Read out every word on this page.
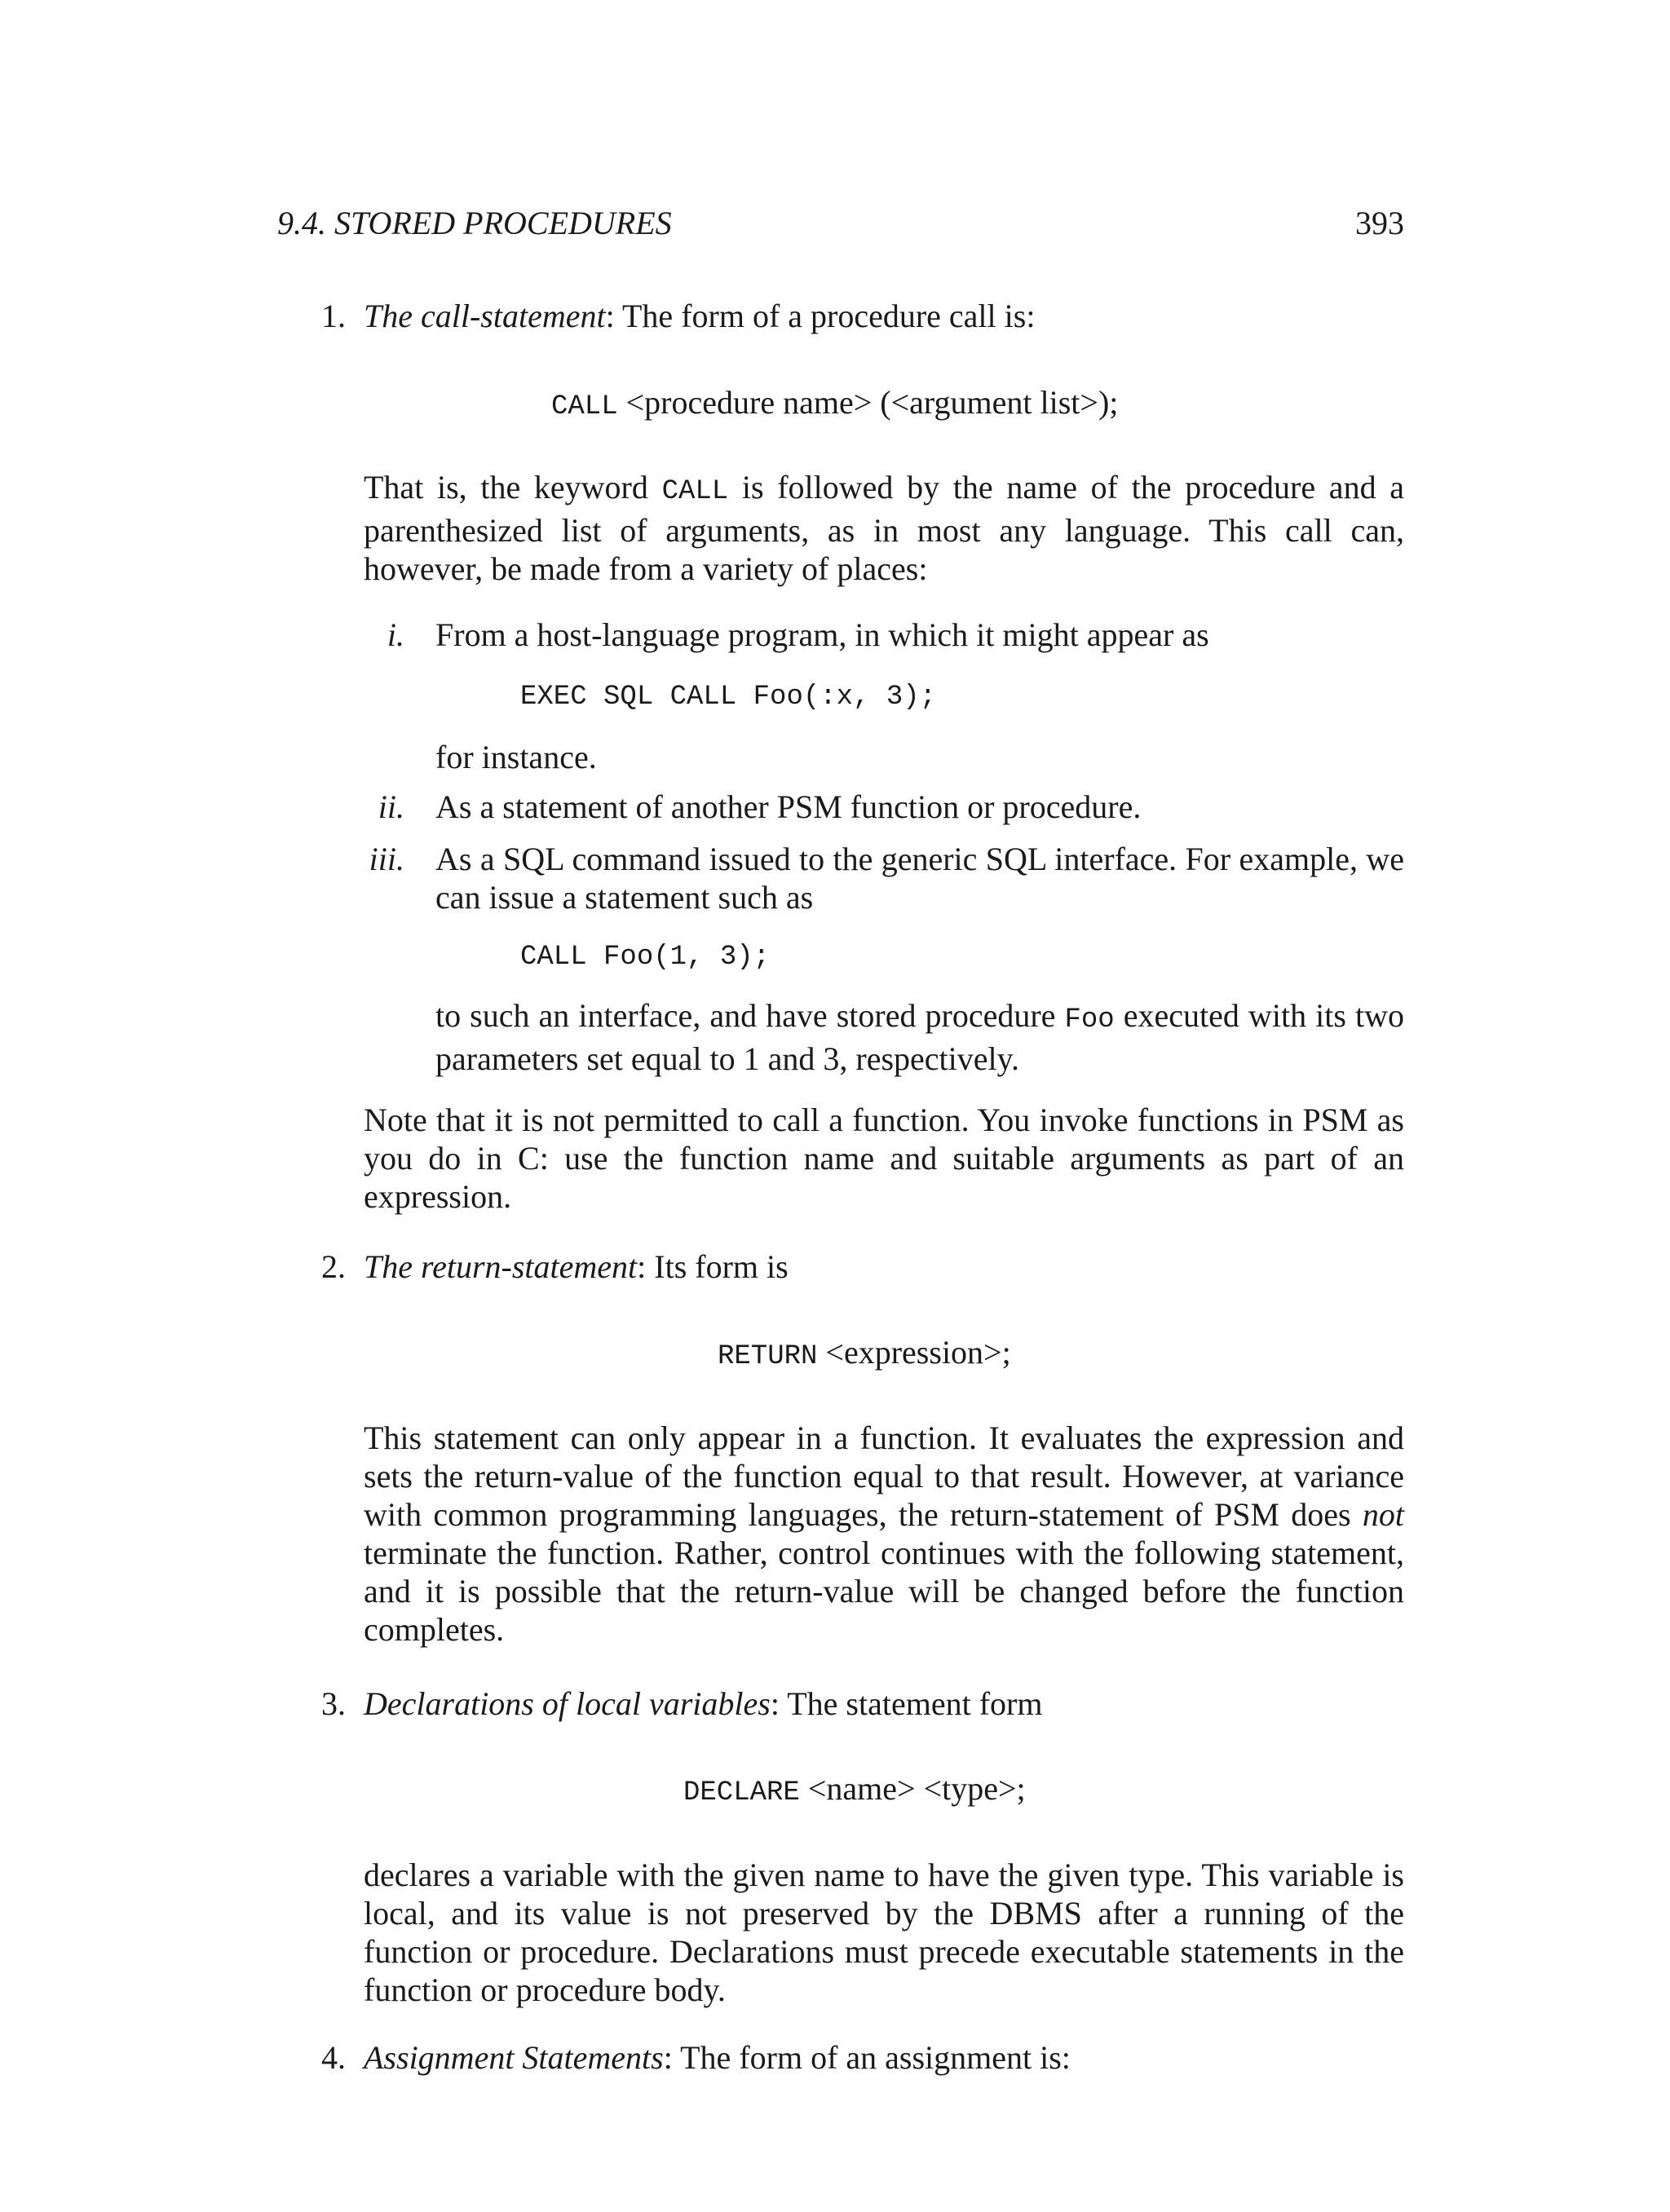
9.4. STORED PROCEDURES	393
1. The call-statement: The form of a procedure call is:
CALL <procedure name> (<argument list>);
That is, the keyword CALL is followed by the name of the procedure and a parenthesized list of arguments, as in most any language. This call can, however, be made from a variety of places:
i. From a host-language program, in which it might appear as
EXEC SQL CALL Foo(:x, 3);
for instance.
ii. As a statement of another PSM function or procedure.
iii. As a SQL command issued to the generic SQL interface. For example, we can issue a statement such as
CALL Foo(1, 3);
to such an interface, and have stored procedure Foo executed with its two parameters set equal to 1 and 3, respectively.
Note that it is not permitted to call a function. You invoke functions in PSM as you do in C: use the function name and suitable arguments as part of an expression.
2. The return-statement: Its form is
RETURN <expression>;
This statement can only appear in a function. It evaluates the expression and sets the return-value of the function equal to that result. However, at variance with common programming languages, the return-statement of PSM does not terminate the function. Rather, control continues with the following statement, and it is possible that the return-value will be changed before the function completes.
3. Declarations of local variables: The statement form
DECLARE <name> <type>;
declares a variable with the given name to have the given type. This variable is local, and its value is not preserved by the DBMS after a running of the function or procedure. Declarations must precede executable statements in the function or procedure body.
4. Assignment Statements: The form of an assignment is:
